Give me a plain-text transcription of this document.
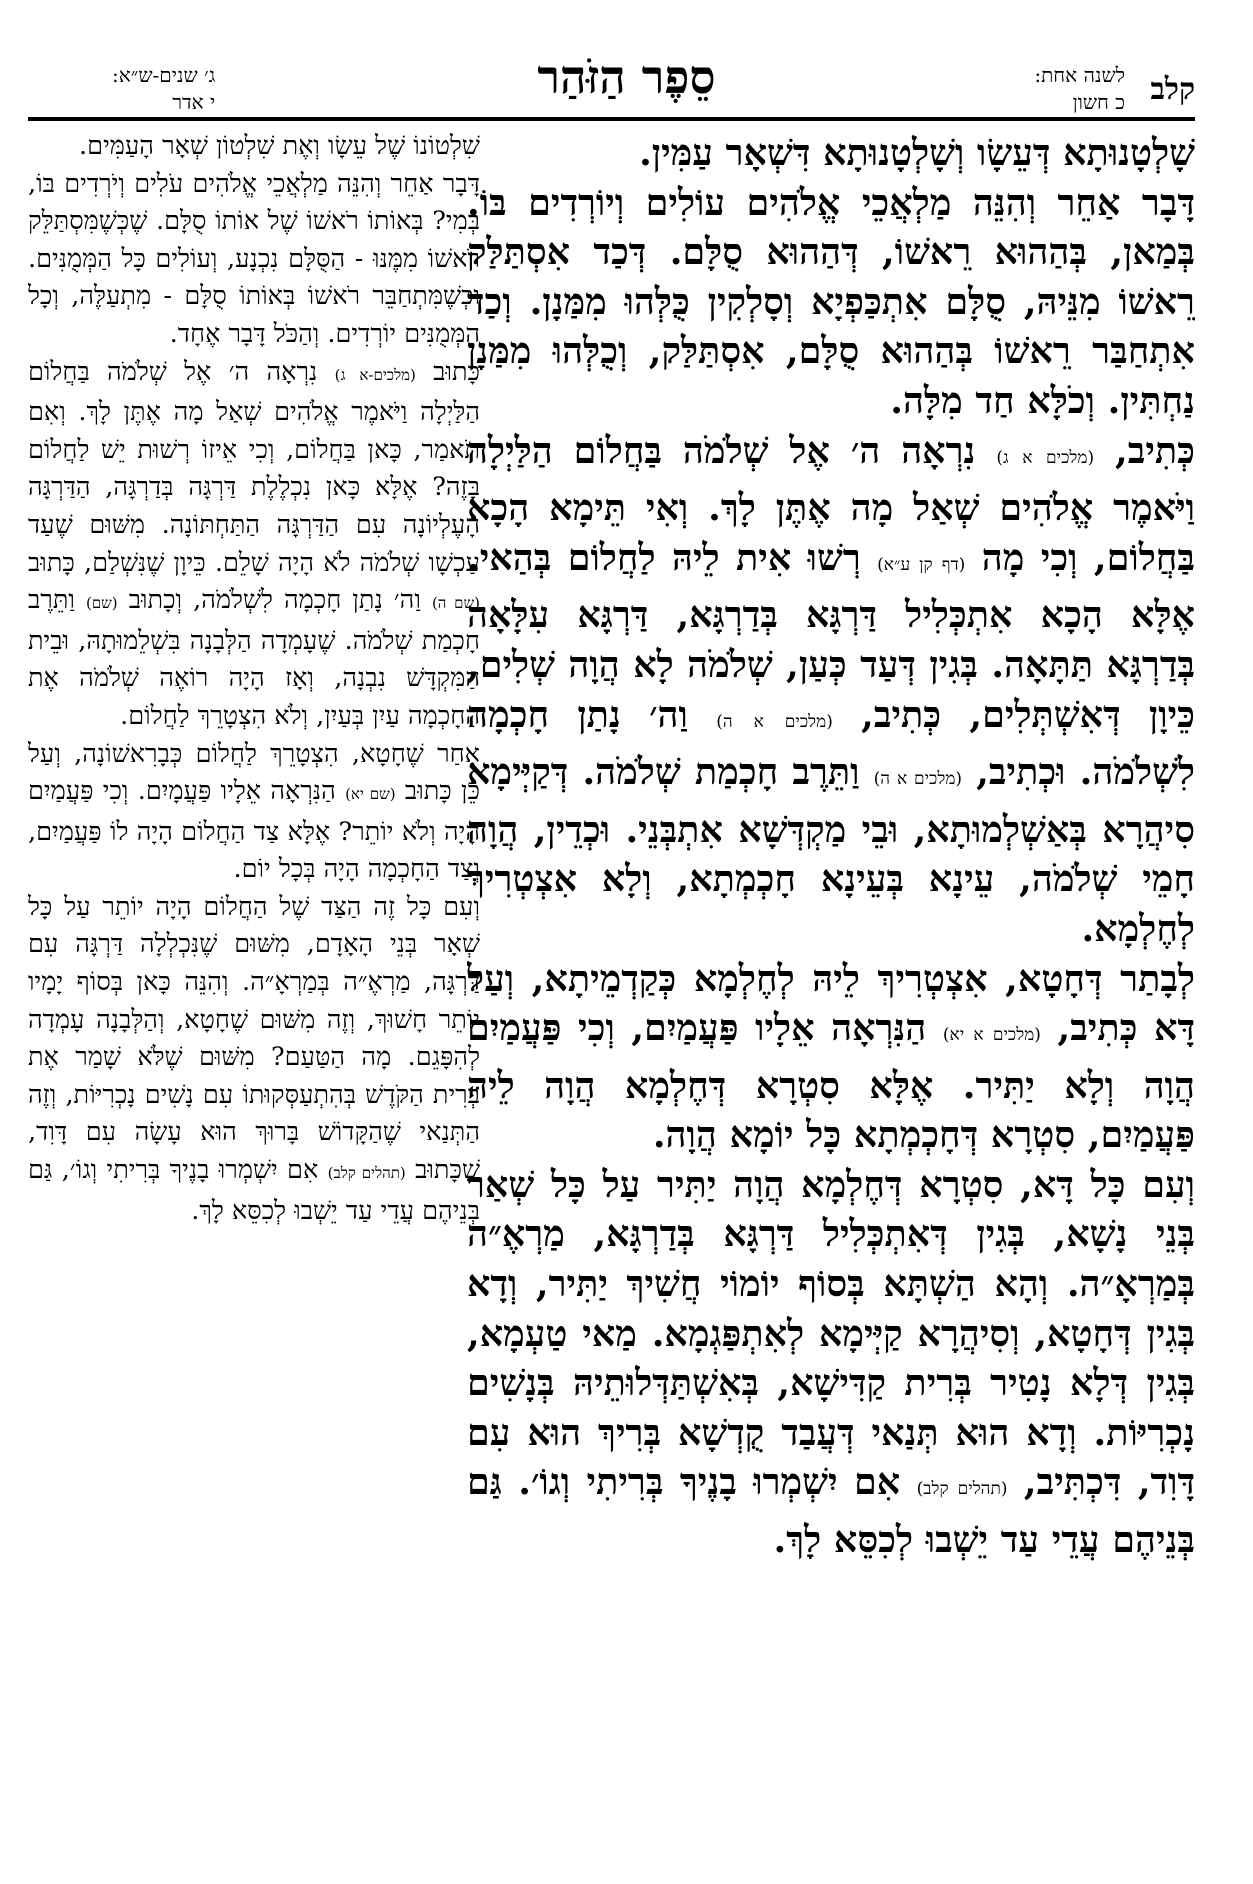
קלב
לשנה אחת:
כ חשון
סֵפֶר הַזֹּהַר
ג׳ שנים-ש״א:
י אדר

שָׁלְטָנוּתָא דְּעֵשָׂו וְשָׁלְטָנוּתָא דִּשְׁאָר עַמִּין.

דָּבָר אַחֵר וְהִנֵּה מַלְאֲכֵי אֱלֹהִים עוֹלִים וְיוֹרְדִים בּוֹ. בְּמַאן, בְּהַהוּא רֵאשׁוֹ, דְּהַהוּא סֻלָּם. דְּכַד אִסְתַּלַּק רֵאשׁוֹ מִנֵּיהּ, סֻלָּם אִתְכַּפְיָא וְסָלְקִין כֻּלְּהוּ מִמַּנָן. וְכַד אִתְחַבַּר רֵאשׁוֹ בְּהַהוּא סֻלָּם, אִסְתַּלַּק, וְכֻלְּהוּ מִמַּנָן נַחְתִּין. וְכֹלָּא חַד מִלָּה.

כְּתִיב, (מלכים א ג) נִרְאָה ה׳ אֶל שְׁלֹמֹה בַּחֲלוֹם הַלַּיְלָה וַיֹּאמֶר אֱלֹהִים שְׁאַל מָה אֶתֶּן לָךְ. וְאִי תֵּימָא הָכָא בַּחֲלוֹם, וְכִי מָה (דף קן ע״א) רְשׁוּ אִית לֵיהּ לַחֲלוֹם בְּהַאי. אֶלָּא הָכָא אִתְכְּלִיל דַּרְגָּא בְּדַרְגָּא, דַּרְגָּא עִלָּאָה בְּדַרְגָּא תַּתָּאָה. בְּגִין דְּעַד כְּעַן, שְׁלֹמֹה לָא הֲוָה שְׁלִים, כֵּיוָן דְּאִשְׁתְּלִים, כְּתִיב, (מלכים א ה) וַה׳ נָתַן חָכְמָה לִשְׁלֹמֹה. וּכְתִיב, (מלכים א ה) וַתֵּרֶב חָכְמַת שְׁלֹמֹה. דְּקַיְּימָא סִיהֲרָא בְּאַשְׁלְמוּתָא, וּבֵי מַקְדְּשָׁא אִתְבְּנֵי. וּכְדֵין, הֲוָה חָמֵי שְׁלֹמֹה, עֵינָא בְּעֵינָא חָכְמְתָא, וְלָא אִצְטְרִיךְ לְחֶלְמָא.

לְבָתַר דְּחָטָא, אִצְטְרִיךְ לֵיהּ לְחֶלְמָא כְּקַדְמֵיתָא, וְעַל דָּא כְּתִיב, (מלכים א יא) הַנִּרְאָה אֵלָיו פַּעֲמַיִם, וְכִי פַּעֲמַיִם הֲוָה וְלָא יַתִּיר. אֶלָּא סִטְרָא דְּחֶלְמָא הֲוָה לֵיהּ פַּעֲמַיִם, סִטְרָא דְּחָכְמְתָא כָּל יוֹמָא הֲוָה.

וְעִם כָּל דָּא, סִטְרָא דְּחֶלְמָא הֲוָה יַתִּיר עַל כָּל שְׁאַר בְּנֵי נָשָׁא, בְּגִין דְּאִתְכְּלִיל דַּרְגָּא בְּדַרְגָּא, מַרְאֶ״ה בְּמַרְאָ״ה. וְהָא הַשְׁתָּא בְּסוֹף יוֹמוֹי חֲשִׁיךְ יַתִּיר, וְדָא בְּגִין דְּחָטָא, וְסִיהֲרָא קַיְּימָא לְאִתְפַּגְמָא. מַאי טַעְמָא, בְּגִין דְּלָא נָטִיר בְּרִית קַדִּישָׁא, בְּאִשְׁתַּדְּלוּתֵיהּ בְּנָשִׁים נָכְרִיּוֹת. וְדָא הוּא תְּנַאי דְּעֲבַד קֻדְשָׁא בְּרִיךְ הוּא עִם דָּוִד, דִּכְתִּיב, (תהלים קלב) אִם יִשְׁמְרוּ בָנֶיךָ בְּרִיתִי וְגוֹ׳. גַּם בְּנֵיהֶם עֲדֵי עַד יֵשְׁבוּ לְכִסֵּא לָךְ.

שִׁלְטוֹנוֹ שֶׁל עֵשָׂו וְאֶת שִׁלְטוֹן שְׁאָר הָעַמִּים.

דָּבָר אַחֵר וְהִנֵּה מַלְאֲכֵי אֱלֹהִים עֹלִים וְיֹרְדִים בּוֹ, בְּמִי? בְּאוֹתוֹ רֹאשׁוֹ שֶׁל אוֹתוֹ סֻלָּם. שֶׁכְּשֶׁמִּסְתַּלֵּק רֹאשׁוֹ מִמֶּנּוּ - הַסֻּלָּם נִכְנָע, וְעוֹלִים כָּל הַמְּמֻנִּים. וּכְשֶׁמִּתְחַבֵּר רֹאשׁוֹ בְּאוֹתוֹ סֻלָּם - מִתְעַלֶּה, וְכָל הַמְּמֻנִּים יוֹרְדִים. וְהַכֹּל דָּבָר אֶחָד.

כָּתוּב (מלכים-א ג) נִרְאָה ה׳ אֶל שְׁלֹמֹה בַּחֲלוֹם הַלַּיְלָה וַיֹּאמֶר אֱלֹהִים שְׁאַל מָה אֶתֶּן לָךְ. וְאִם תֹּאמַר, כָּאן בַּחֲלוֹם, וְכִי אֵיזוֹ רְשׁוּת יֵשׁ לַחֲלוֹם בָּזֶה? אֶלָּא כָּאן נִכְלֶלֶת דַּרְגָּה בְּדַרְגָּה, הַדַּרְגָּה הָעֶלְיוֹנָה עִם הַדַּרְגָּה הַתַּחְתּוֹנָה. מִשּׁוּם שֶׁעַד עַכְשָׁו שְׁלֹמֹה לֹא הָיָה שָׁלֵם. כֵּיוָן שֶׁנִּשְׁלַם, כָּתוּב (שם ה) וַה׳ נָתַן חָכְמָה לִשְׁלֹמֹה, וְכָתוּב (שם) וַתֵּרֶב חָכְמַת שְׁלֹמֹה. שֶׁעָמְדָה הַלְּבָנָה בִּשְׁלֵמוּתָהּ, וּבֵית הַמִּקְדָּשׁ נִבְנָה, וְאָז הָיָה רוֹאֶה שְׁלֹמֹה אֶת הַחָכְמָה עַיִן בְּעַיִן, וְלֹא הִצְטָרֵךְ לַחֲלוֹם.

אַחַר שֶׁחָטָא, הִצְטָרֵךְ לַחֲלוֹם כְּבָרִאשׁוֹנָה, וְעַל כֵּן כָּתוּב (שם יא) הַנִּרְאָה אֵלָיו פַּעֲמָיִם. וְכִי פַּעֲמַיִם הָיָה וְלֹא יוֹתֵר? אֶלָּא צַד הַחֲלוֹם הָיָה לוֹ פַּעֲמַיִם, וְצַד הַחָכְמָה הָיָה בְּכָל יוֹם.

וְעִם כָּל זֶה הַצַּד שֶׁל הַחֲלוֹם הָיָה יוֹתֵר עַל כָּל שְׁאָר בְּנֵי הָאָדָם, מִשּׁוּם שֶׁנִּכְלְלָה דַּרְגָּה עִם דַּרְגָּה, מַרְאֶ״ה בְּמַרְאָ״ה. וְהִנֵּה כָּאן בְּסוֹף יָמָיו יוֹתֵר חָשׁוּךְ, וְזֶה מִשּׁוּם שֶׁחָטָא, וְהַלְּבָנָה עָמְדָה לְהִפָּגֵם. מָה הַטַּעַם? מִשּׁוּם שֶׁלֹּא שָׁמַר אֶת בְּרִית הַקֹּדֶשׁ בְּהִתְעַסְּקוּתוֹ עִם נָשִׁים נָכְרִיּוֹת, וְזֶה הַתְּנַאי שֶׁהַקָּדוֹשׁ בָּרוּךְ הוּא עָשָׂה עִם דָּוִד, שֶׁכָּתוּב (תהלים קלב) אִם יִשְׁמְרוּ בָנֶיךָ בְּרִיתִי וְגוֹ׳, גַּם בְּנֵיהֶם עֲדֵי עַד יֵשְׁבוּ לְכִסֵּא לָךְ.
